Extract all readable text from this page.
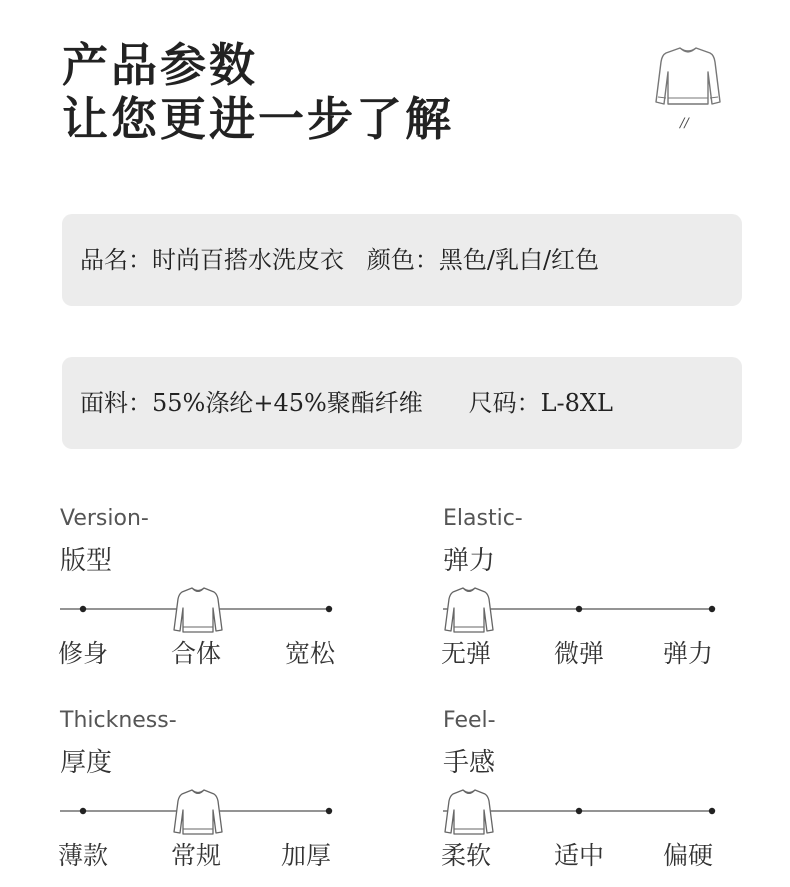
产品参数
让您更进一步了解	//
品名：时尚百搭水洗皮衣   颜色：黑色/乳白/红色
面料：55%涤纶+45%聚酯纤维      尺码：L-8XL
Version-
版型
修身	合体	宽松
Elastic-
弹力
无弹	微弹 弹力
Thickness-
厚度
薄款	常规 加厚
Feel-
手感
柔软	适中 偏硬
